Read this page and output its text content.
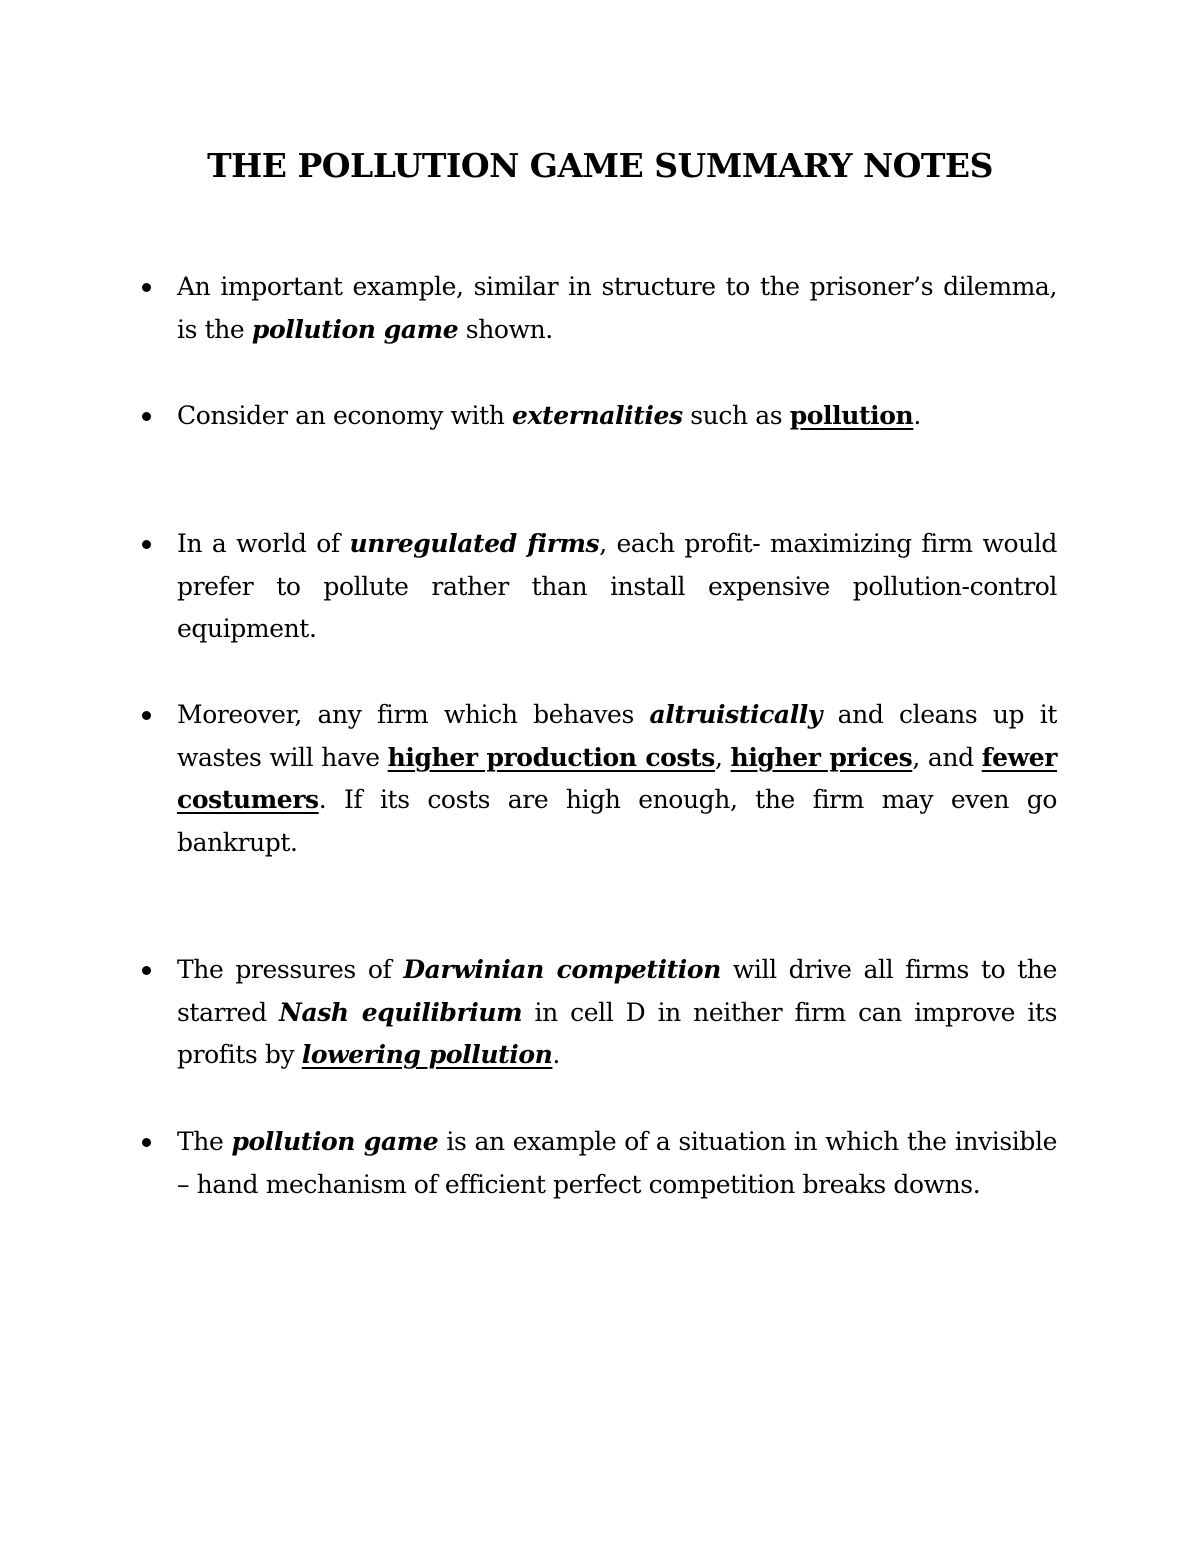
THE POLLUTION GAME SUMMARY NOTES

An important example, similar in structure to the prisoner’s dilemma, is the pollution game shown.

Consider an economy with externalities such as pollution.

In a world of unregulated firms, each profit- maximizing firm would prefer to pollute rather than install expensive pollution-control equipment.

Moreover, any firm which behaves altruistically and cleans up it wastes will have higher production costs, higher prices, and fewer costumers. If its costs are high enough, the firm may even go bankrupt.

The pressures of Darwinian competition will drive all firms to the starred Nash equilibrium in cell D in neither firm can improve its profits by lowering pollution.

The pollution game is an example of a situation in which the invisible – hand mechanism of efficient perfect competition breaks downs.
